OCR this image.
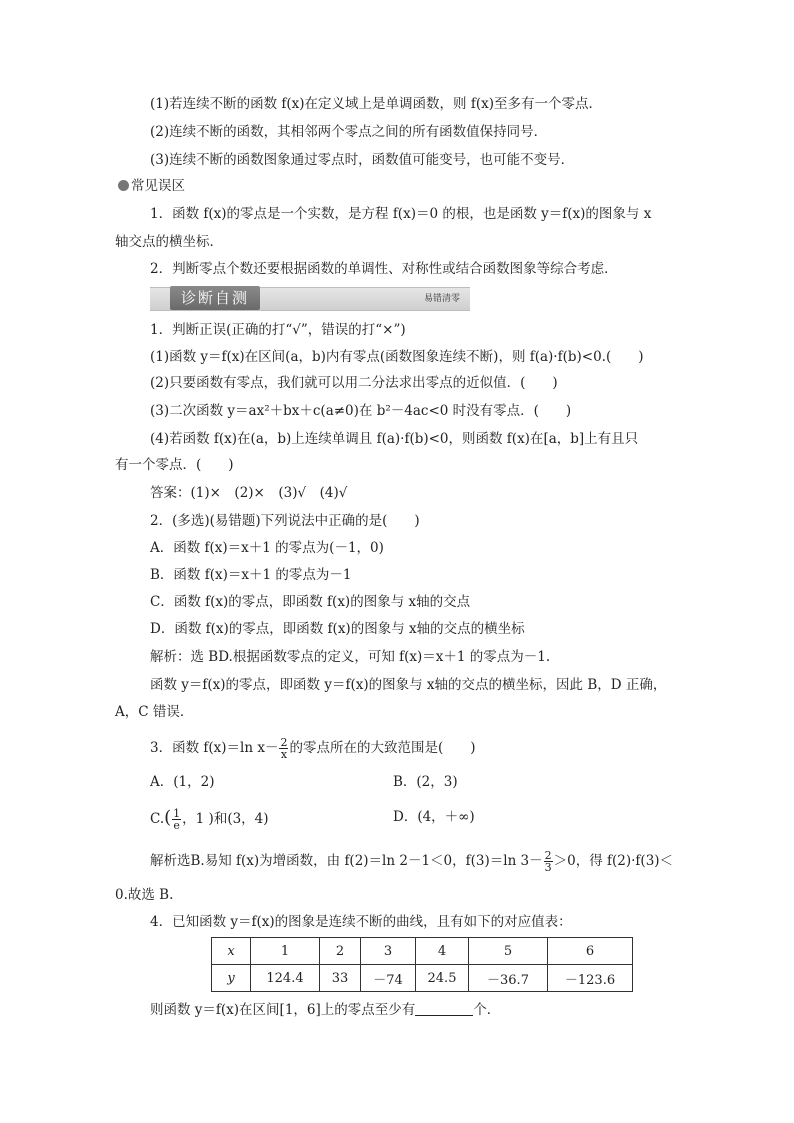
(1)若连续不断的函数 f(x)在定义域上是单调函数，则 f(x)至多有一个零点．
(2)连续不断的函数，其相邻两个零点之间的所有函数值保持同号．
(3)连续不断的函数图象通过零点时，函数值可能变号，也可能不变号．
常见误区
1．函数 f(x)的零点是一个实数，是方程 f(x)＝0 的根，也是函数 y＝f(x)的图象与 x
轴交点的横坐标．
2．判断零点个数还要根据函数的单调性、对称性或结合函数图象等综合考虑．
诊断自测	易错清零
1．判断正误(正确的打“√”，错误的打“×”)
(1)函数 y＝f(x)在区间(a，b)内有零点(函数图象连续不断)，则 f(a)·f(b)<0.(　　)
(2)只要函数有零点，我们就可以用二分法求出零点的近似值．(　　)
(3)二次函数 y＝ax²＋bx＋c(a≠0)在 b²－4ac<0 时没有零点．(　　)
(4)若函数 f(x)在(a，b)上连续单调且 f(a)·f(b)<0，则函数 f(x)在[a，b]上有且只
有一个零点．(　　)
答案：(1)×　(2)×　(3)√　(4)√
2．(多选)(易错题)下列说法中正确的是(　　)
A．函数 f(x)＝x＋1 的零点为(－1，0)
B．函数 f(x)＝x＋1 的零点为－1
C．函数 f(x)的零点，即函数 f(x)的图象与 x轴的交点
D．函数 f(x)的零点，即函数 f(x)的图象与 x轴的交点的横坐标
解析：选 BD.根据函数零点的定义，可知 f(x)＝x＋1 的零点为－1.
函数 y＝f(x)的零点，即函数 y＝f(x)的图象与 x轴的交点的横坐标，因此 B，D 正确，
A，C 错误．
3．函数 f(x)＝ln $x- \frac{2}{x}$ 的零点所在的大致范围是(　　)
A．(1，2)	B．(2，3)
$C.( \frac{1}{e}$ ，1 )和(3，4)	D．(4，＋∞)
解析选B.易知 f(x)为增函数，由 f(2)＝ln 2－1＜0，f(3)＝ln $3- \frac{2}{3} >0$，得 f(2)·f(3)＜
0.故选 B.
4．已知函数 y＝f(x)的图象是连续不断的曲线，且有如下的对应值表：
x	1	2	3	4	5	6
y	124.4	33	－74	24.5	－36.7	－123.6
则函数 y＝f(x)在区间[1，6]上的零点至少有	个．
